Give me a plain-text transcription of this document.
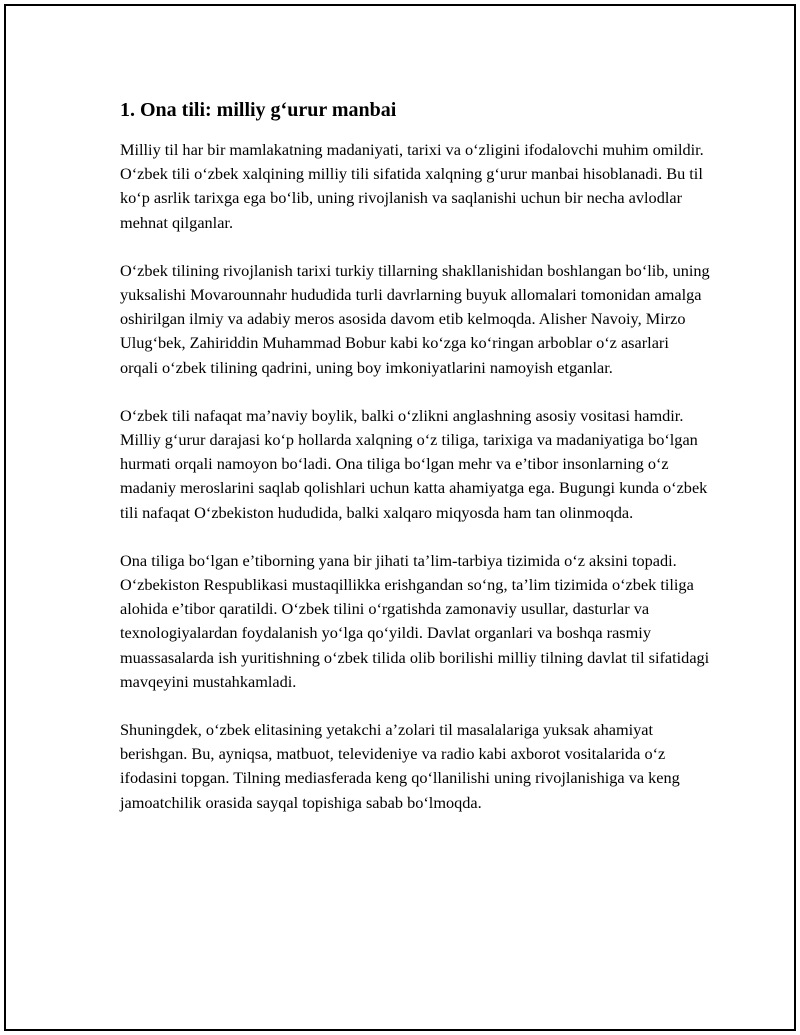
1. Ona tili: milliy g‘urur manbai

Milliy til har bir mamlakatning madaniyati, tarixi va o‘zligini ifodalovchi muhim omildir. O‘zbek tili o‘zbek xalqining milliy tili sifatida xalqning g‘urur manbai hisoblanadi. Bu til ko‘p asrlik tarixga ega bo‘lib, uning rivojlanish va saqlanishi uchun bir necha avlodlar mehnat qilganlar.

O‘zbek tilining rivojlanish tarixi turkiy tillarning shakllanishidan boshlangan bo‘lib, uning yuksalishi Movarounnahr hududida turli davrlarning buyuk allomalari tomonidan amalga oshirilgan ilmiy va adabiy meros asosida davom etib kelmoqda. Alisher Navoiy, Mirzo Ulug‘bek, Zahiriddin Muhammad Bobur kabi ko‘zga ko‘ringan arboblar o‘z asarlari orqali o‘zbek tilining qadrini, uning boy imkoniyatlarini namoyish etganlar.

O‘zbek tili nafaqat ma’naviy boylik, balki o‘zlikni anglashning asosiy vositasi hamdir. Milliy g‘urur darajasi ko‘p hollarda xalqning o‘z tiliga, tarixiga va madaniyatiga bo‘lgan hurmati orqali namoyon bo‘ladi. Ona tiliga bo‘lgan mehr va e’tibor insonlarning o‘z madaniy meroslarini saqlab qolishlari uchun katta ahamiyatga ega. Bugungi kunda o‘zbek tili nafaqat O‘zbekiston hududida, balki xalqaro miqyosda ham tan olinmoqda.

Ona tiliga bo‘lgan e’tiborning yana bir jihati ta’lim-tarbiya tizimida o‘z aksini topadi. O‘zbekiston Respublikasi mustaqillikka erishgandan so‘ng, ta’lim tizimida o‘zbek tiliga alohida e’tibor qaratildi. O‘zbek tilini o‘rgatishda zamonaviy usullar, dasturlar va texnologiyalardan foydalanish yo‘lga qo‘yildi. Davlat organlari va boshqa rasmiy muassasalarda ish yuritishning o‘zbek tilida olib borilishi milliy tilning davlat til sifatidagi mavqeyini mustahkamladi.

Shuningdek, o‘zbek elitasining yetakchi a’zolari til masalalariga yuksak ahamiyat berishgan. Bu, ayniqsa, matbuot, televideniye va radio kabi axborot vositalarida o‘z ifodasini topgan. Tilning mediasferada keng qo‘llanilishi uning rivojlanishiga va keng jamoatchilik orasida sayqal topishiga sabab bo‘lmoqda.
